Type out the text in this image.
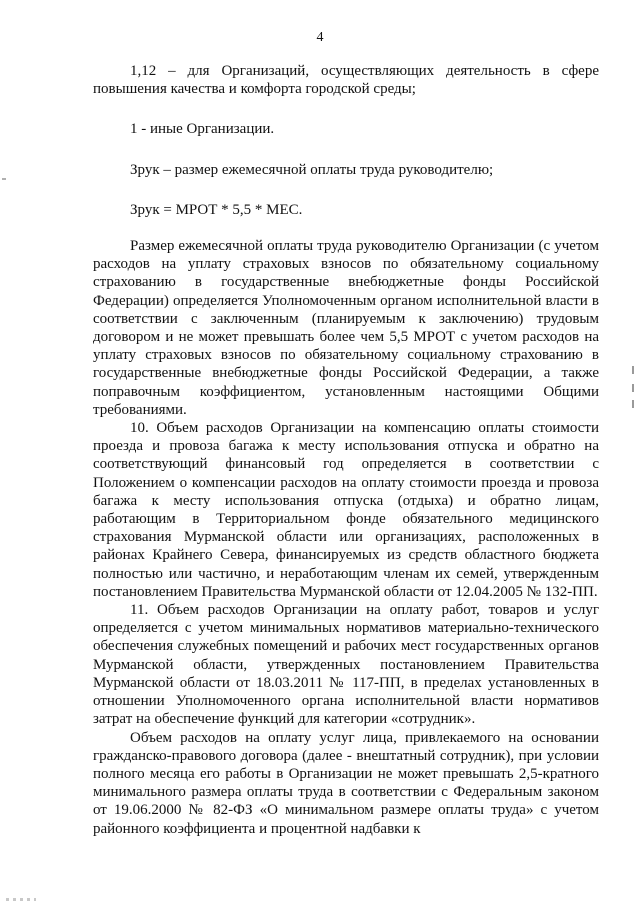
4

1,12 – для Организаций, осуществляющих деятельность в сфере повышения качества и комфорта городской среды;

1 - иные Организации.

Зрук – размер ежемесячной оплаты труда руководителю;

Зрук = МРОТ * 5,5 * МЕС.

Размер ежемесячной оплаты труда руководителю Организации (с учетом расходов на уплату страховых взносов по обязательному социальному страхованию в государственные внебюджетные фонды Российской Федерации) определяется Уполномоченным органом исполнительной власти в соответствии с заключенным (планируемым к заключению) трудовым договором и не может превышать более чем 5,5 МРОТ с учетом расходов на уплату страховых взносов по обязательному социальному страхованию в государственные внебюджетные фонды Российской Федерации, а также поправочным коэффициентом, установленным настоящими Общими требованиями.

10. Объем расходов Организации на компенсацию оплаты стоимости проезда и провоза багажа к месту использования отпуска и обратно на соответствующий финансовый год определяется в соответствии с Положением о компенсации расходов на оплату стоимости проезда и провоза багажа к месту использования отпуска (отдыха) и обратно лицам, работающим в Территориальном фонде обязательного медицинского страхования Мурманской области или организациях, расположенных в районах Крайнего Севера, финансируемых из средств областного бюджета полностью или частично, и неработающим членам их семей, утвержденным постановлением Правительства Мурманской области от 12.04.2005 № 132-ПП.

11. Объем расходов Организации на оплату работ, товаров и услуг определяется с учетом минимальных нормативов материально-технического обеспечения служебных помещений и рабочих мест государственных органов Мурманской области, утвержденных постановлением Правительства Мурманской области от 18.03.2011 № 117-ПП, в пределах установленных в отношении Уполномоченного органа исполнительной власти нормативов затрат на обеспечение функций для категории «сотрудник».

Объем расходов на оплату услуг лица, привлекаемого на основании гражданско-правового договора (далее - внештатный сотрудник), при условии полного месяца его работы в Организации не может превышать 2,5-кратного минимального размера оплаты труда в соответствии с Федеральным законом от 19.06.2000 № 82-ФЗ «О минимальном размере оплаты труда» с учетом районного коэффициента и процентной надбавки к
